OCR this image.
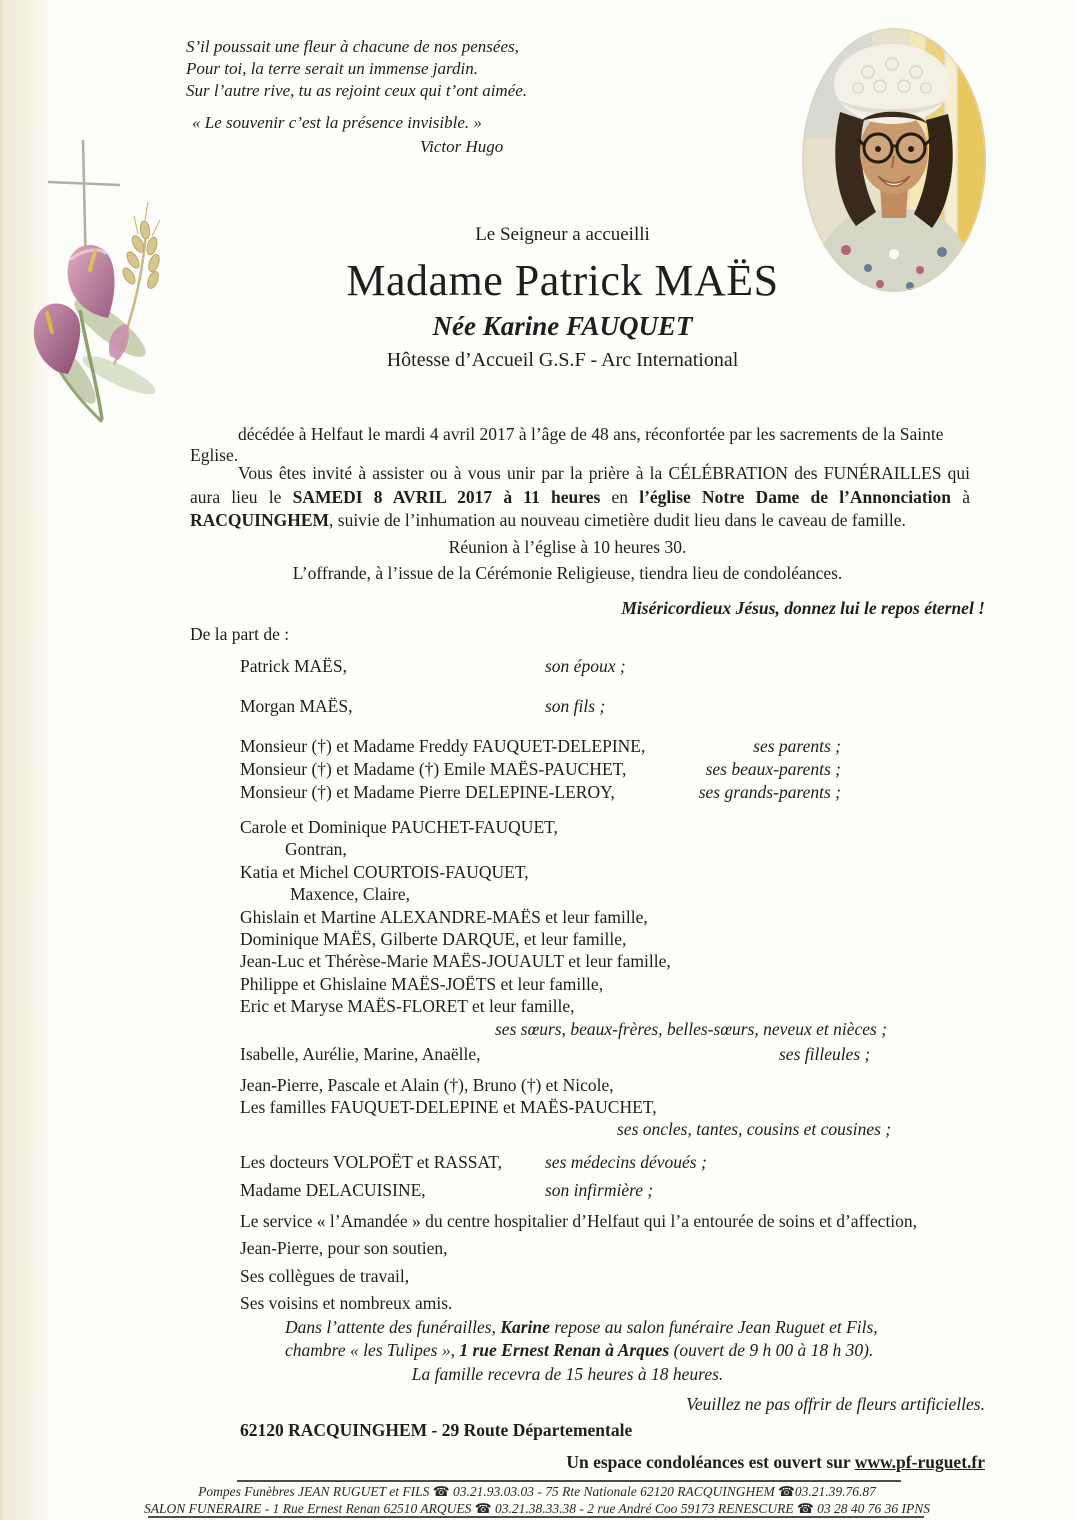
S’il poussait une fleur à chacune de nos pensées,
Pour toi, la terre serait un immense jardin.
Sur l’autre rive, tu as rejoint ceux qui t’ont aimée.
« Le souvenir c’est la présence invisible. »
Victor Hugo
Le Seigneur a accueilli
Madame Patrick MAËS
Née Karine FAUQUET
Hôtesse d’Accueil G.S.F - Arc International

décédée à Helfaut le mardi 4 avril 2017 à l’âge de 48 ans, réconfortée par les sacrements de la Sainte Eglise.

Vous êtes invité à assister ou à vous unir par la prière à la CÉLÉBRATION des FUNÉRAILLES qui aura lieu le SAMEDI 8 AVRIL 2017 à 11 heures en l’église Notre Dame de l’Annonciation à RACQUINGHEM, suivie de l’inhumation au nouveau cimetière dudit lieu dans le caveau de famille.

Réunion à l’église à 10 heures 30.
L’offrande, à l’issue de la Cérémonie Religieuse, tiendra lieu de condoléances.
Miséricordieux Jésus, donnez lui le repos éternel !
De la part de :
Patrick MAËS,	son époux ;
Morgan MAËS,	son fils ;
Monsieur (†) et Madame Freddy FAUQUET-DELEPINE,	ses parents ;
Monsieur (†) et Madame (†) Emile MAËS-PAUCHET,	ses beaux-parents ;
Monsieur (†) et Madame Pierre DELEPINE-LEROY,	ses grands-parents ;
Carole et Dominique PAUCHET-FAUQUET,
Gontran,
Katia et Michel COURTOIS-FAUQUET,
Maxence, Claire,
Ghislain et Martine ALEXANDRE-MAËS et leur famille,
Dominique MAËS, Gilberte DARQUE, et leur famille,
Jean-Luc et Thérèse-Marie MAËS-JOUAULT et leur famille,
Philippe et Ghislaine MAËS-JOËTS et leur famille,
Eric et Maryse MAËS-FLORET et leur famille,
ses sœurs, beaux-frères, belles-sœurs, neveux et nièces ;
Isabelle, Aurélie, Marine, Anaëlle,	ses filleules ;
Jean-Pierre, Pascale et Alain (†), Bruno (†) et Nicole,
Les familles FAUQUET-DELEPINE et MAËS-PAUCHET,
ses oncles, tantes, cousins et cousines ;
Les docteurs VOLPOËT et RASSAT, ses médecins dévoués ;
Madame DELACUISINE,	son infirmière ;
Le service « l’Amandée » du centre hospitalier d’Helfaut qui l’a entourée de soins et d’affection,
Jean-Pierre, pour son soutien,
Ses collègues de travail,
Ses voisins et nombreux amis.
Dans l’attente des funérailles, Karine repose au salon funéraire Jean Ruguet et Fils,
chambre « les Tulipes », 1 rue Ernest Renan à Arques (ouvert de 9 h 00 à 18 h 30).
La famille recevra de 15 heures à 18 heures.
Veuillez ne pas offrir de fleurs artificielles.
62120 RACQUINGHEM - 29 Route Départementale
Un espace condoléances est ouvert sur www.pf-ruguet.fr
Pompes Funèbres JEAN RUGUET et FILS ☎ 03.21.93.03.03 - 75 Rte Nationale 62120 RACQUINGHEM ☎03.21.39.76.87
SALON FUNERAIRE - 1 Rue Ernest Renan 62510 ARQUES ☎ 03.21.38.33.38 - 2 rue André Coo 59173 RENESCURE ☎ 03 28 40 76 36 IPNS
